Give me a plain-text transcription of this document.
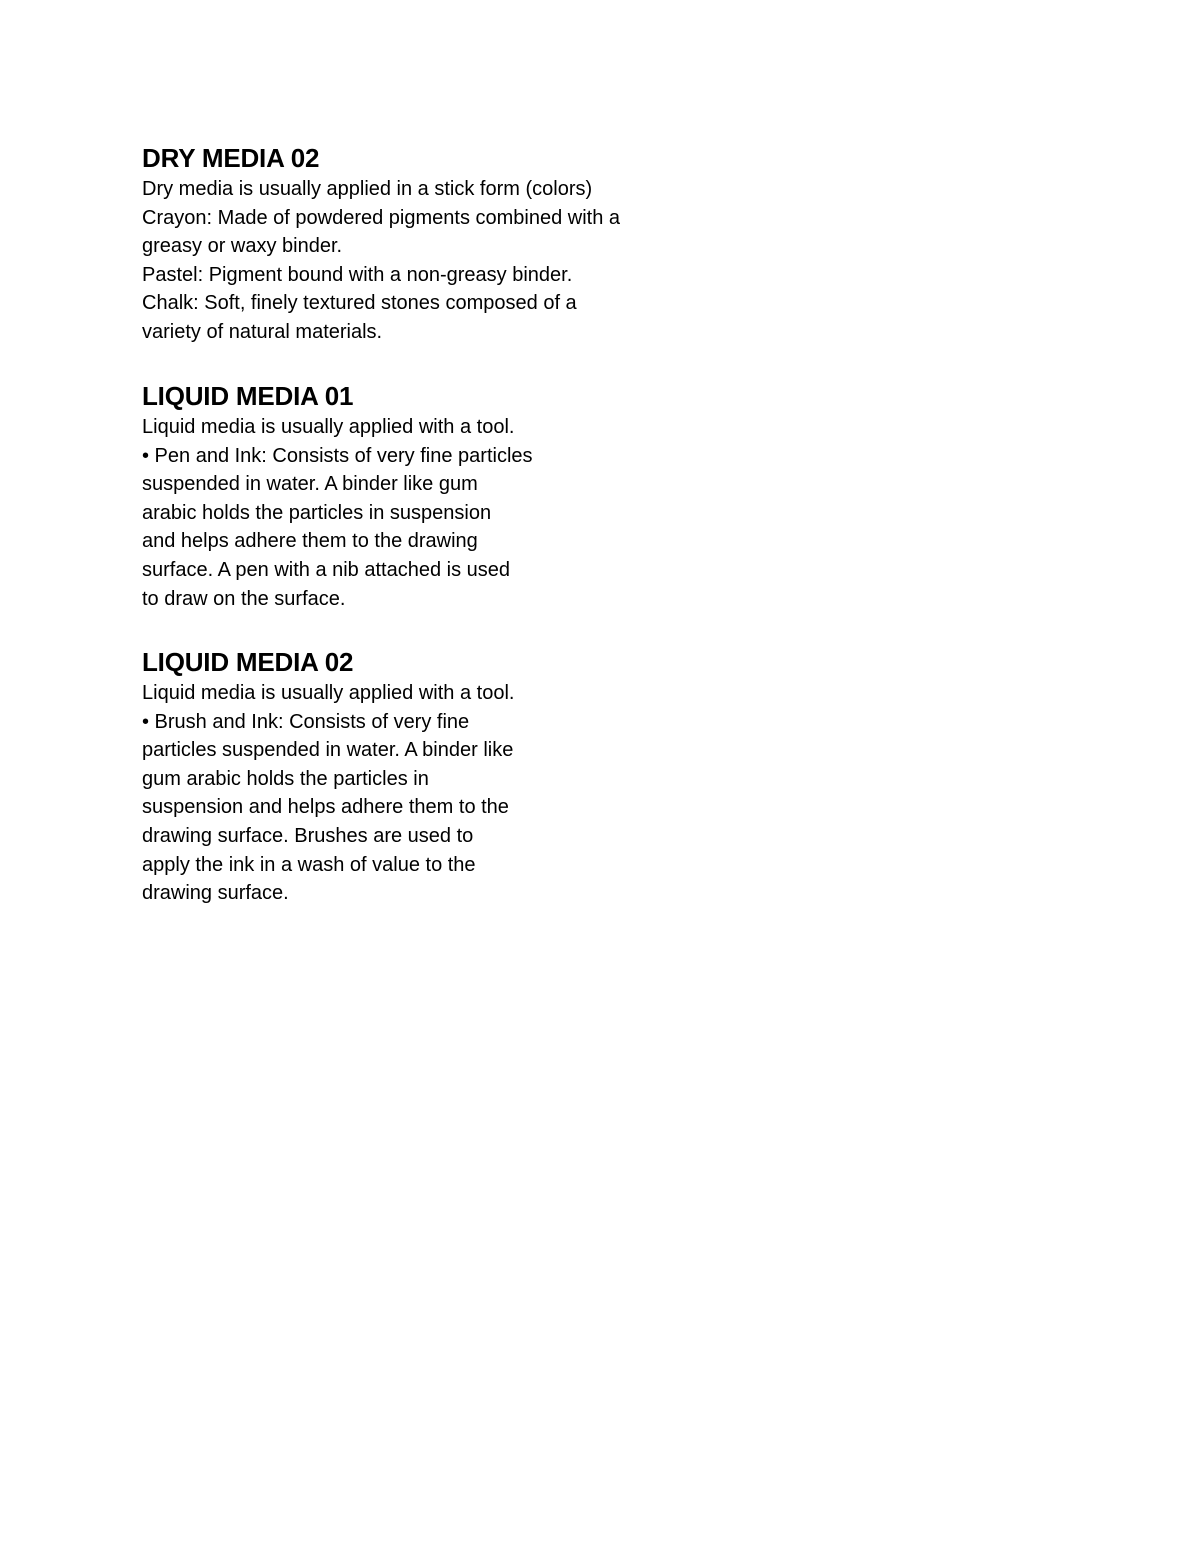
DRY MEDIA 02
Dry media is usually applied in a stick form (colors)
Crayon: Made of powdered pigments combined with a
greasy or waxy binder.
Pastel: Pigment bound with a non-greasy binder.
Chalk: Soft, finely textured stones composed of a
variety of natural materials.
LIQUID MEDIA 01
Liquid media is usually applied with a tool.
• Pen and Ink: Consists of very fine particles
suspended in water. A binder like gum
arabic holds the particles in suspension
and helps adhere them to the drawing
surface. A pen with a nib attached is used
to draw on the surface.
LIQUID MEDIA 02
Liquid media is usually applied with a tool.
• Brush and Ink: Consists of very fine
particles suspended in water. A binder like
gum arabic holds the particles in
suspension and helps adhere them to the
drawing surface. Brushes are used to
apply the ink in a wash of value to the
drawing surface.
